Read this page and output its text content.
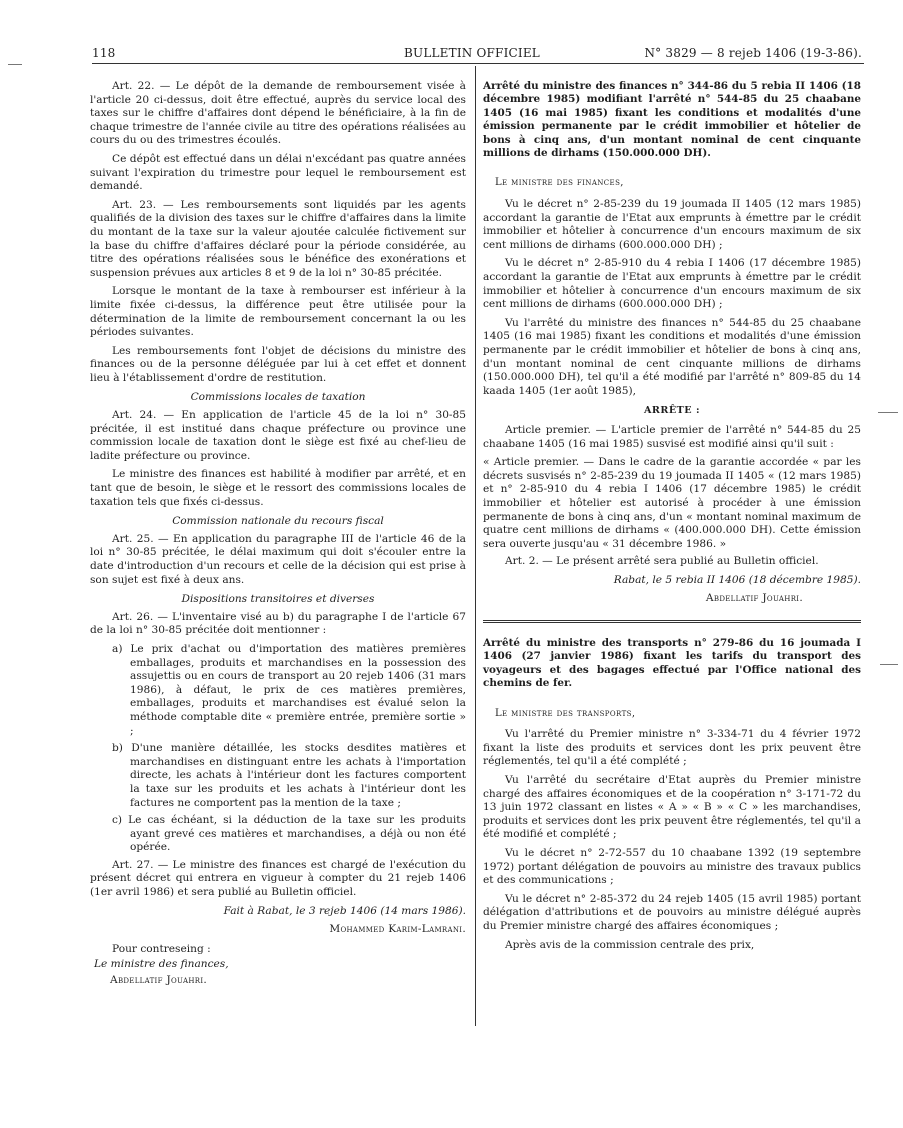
118	BULLETIN OFFICIEL	N° 3829 — 8 rejeb 1406 (19-3-86).

Art. 22. — Le dépôt de la demande de remboursement visée à l'article 20 ci-dessus, doit être effectué, auprès du service local des taxes sur le chiffre d'affaires dont dépend le bénéficiaire, à la fin de chaque trimestre de l'année civile au titre des opérations réalisées au cours du ou des trimestres écoulés.

Ce dépôt est effectué dans un délai n'excédant pas quatre années suivant l'expiration du trimestre pour lequel le remboursement est demandé.

Art. 23. — Les remboursements sont liquidés par les agents qualifiés de la division des taxes sur le chiffre d'affaires dans la limite du montant de la taxe sur la valeur ajoutée calculée fictivement sur la base du chiffre d'affaires déclaré pour la période considérée, au titre des opérations réalisées sous le bénéfice des exonérations et suspension prévues aux articles 8 et 9 de la loi n° 30-85 précitée.

Lorsque le montant de la taxe à rembourser est inférieur à la limite fixée ci-dessus, la différence peut être utilisée pour la détermination de la limite de remboursement concernant la ou les périodes suivantes.

Les remboursements font l'objet de décisions du ministre des finances ou de la personne déléguée par lui à cet effet et donnent lieu à l'établissement d'ordre de restitution.

Commissions locales de taxation

Art. 24. — En application de l'article 45 de la loi n° 30-85 précitée, il est institué dans chaque préfecture ou province une commission locale de taxation dont le siège est fixé au chef-lieu de ladite préfecture ou province.

Le ministre des finances est habilité à modifier par arrêté, et en tant que de besoin, le siège et le ressort des commissions locales de taxation tels que fixés ci-dessus.

Commission nationale du recours fiscal

Art. 25. — En application du paragraphe III de l'article 46 de la loi n° 30-85 précitée, le délai maximum qui doit s'écouler entre la date d'introduction d'un recours et celle de la décision qui est prise à son sujet est fixé à deux ans.

Dispositions transitoires et diverses

Art. 26. — L'inventaire visé au b) du paragraphe I de l'article 67 de la loi n° 30-85 précitée doit mentionner :

a) Le prix d'achat ou d'importation des matières premières emballages, produits et marchandises en la possession des assujettis ou en cours de transport au 20 rejeb 1406 (31 mars 1986), à défaut, le prix de ces matières premières, emballages, produits et marchandises est évalué selon la méthode comptable dite « première entrée, première sortie » ;

b) D'une manière détaillée, les stocks desdites matières et marchandises en distinguant entre les achats à l'importation directe, les achats à l'intérieur dont les factures comportent la taxe sur les produits et les achats à l'intérieur dont les factures ne comportent pas la mention de la taxe ;

c) Le cas échéant, si la déduction de la taxe sur les produits ayant grevé ces matières et marchandises, a déjà ou non été opérée.

Art. 27. — Le ministre des finances est chargé de l'exécution du présent décret qui entrera en vigueur à compter du 21 rejeb 1406 (1er avril 1986) et sera publié au Bulletin officiel.

Fait à Rabat, le 3 rejeb 1406 (14 mars 1986).

Mohammed Karim-Lamrani.

Pour contreseing :

Le ministre des finances,

Abdellatif Jouahri.

Arrêté du ministre des finances n° 344-86 du 5 rebia II 1406 (18 décembre 1985) modifiant l'arrêté n° 544-85 du 25 chaabane 1405 (16 mai 1985) fixant les conditions et modalités d'une émission permanente par le crédit immobilier et hôtelier de bons à cinq ans, d'un montant nominal de cent cinquante millions de dirhams (150.000.000 DH).

Le ministre des finances,

Vu le décret n° 2-85-239 du 19 joumada II 1405 (12 mars 1985) accordant la garantie de l'Etat aux emprunts à émettre par le crédit immobilier et hôtelier à concurrence d'un encours maximum de six cent millions de dirhams (600.000.000 DH) ;

Vu le décret n° 2-85-910 du 4 rebia I 1406 (17 décembre 1985) accordant la garantie de l'Etat aux emprunts à émettre par le crédit immobilier et hôtelier à concurrence d'un encours maximum de six cent millions de dirhams (600.000.000 DH) ;

Vu l'arrêté du ministre des finances n° 544-85 du 25 chaabane 1405 (16 mai 1985) fixant les conditions et modalités d'une émission permanente par le crédit immobilier et hôtelier de bons à cinq ans, d'un montant nominal de cent cinquante millions de dirhams (150.000.000 DH), tel qu'il a été modifié par l'arrêté n° 809-85 du 14 kaada 1405 (1er août 1985),

ARRÊTE :

Article premier. — L'article premier de l'arrêté n° 544-85 du 25 chaabane 1405 (16 mai 1985) susvisé est modifié ainsi qu'il suit :

« Article premier. — Dans le cadre de la garantie accordée « par les décrets susvisés n° 2-85-239 du 19 joumada II 1405 « (12 mars 1985) et n° 2-85-910 du 4 rebia I 1406 (17 décembre 1985) le crédit immobilier et hôtelier est autorisé à procéder à une émission permanente de bons à cinq ans, d'un « montant nominal maximum de quatre cent millions de dirhams « (400.000.000 DH). Cette émission sera ouverte jusqu'au « 31 décembre 1986. »

Art. 2. — Le présent arrêté sera publié au Bulletin officiel.

Rabat, le 5 rebia II 1406 (18 décembre 1985).

Abdellatif Jouahri.

Arrêté du ministre des transports n° 279-86 du 16 joumada I 1406 (27 janvier 1986) fixant les tarifs du transport des voyageurs et des bagages effectué par l'Office national des chemins de fer.

Le ministre des transports,

Vu l'arrêté du Premier ministre n° 3-334-71 du 4 février 1972 fixant la liste des produits et services dont les prix peuvent être réglementés, tel qu'il a été complété ;

Vu l'arrêté du secrétaire d'Etat auprès du Premier ministre chargé des affaires économiques et de la coopération n° 3-171-72 du 13 juin 1972 classant en listes « A » « B » « C » les marchandises, produits et services dont les prix peuvent être réglementés, tel qu'il a été modifié et complété ;

Vu le décret n° 2-72-557 du 10 chaabane 1392 (19 septembre 1972) portant délégation de pouvoirs au ministre des travaux publics et des communications ;

Vu le décret n° 2-85-372 du 24 rejeb 1405 (15 avril 1985) portant délégation d'attributions et de pouvoirs au ministre délégué auprès du Premier ministre chargé des affaires économiques ;

Après avis de la commission centrale des prix,
